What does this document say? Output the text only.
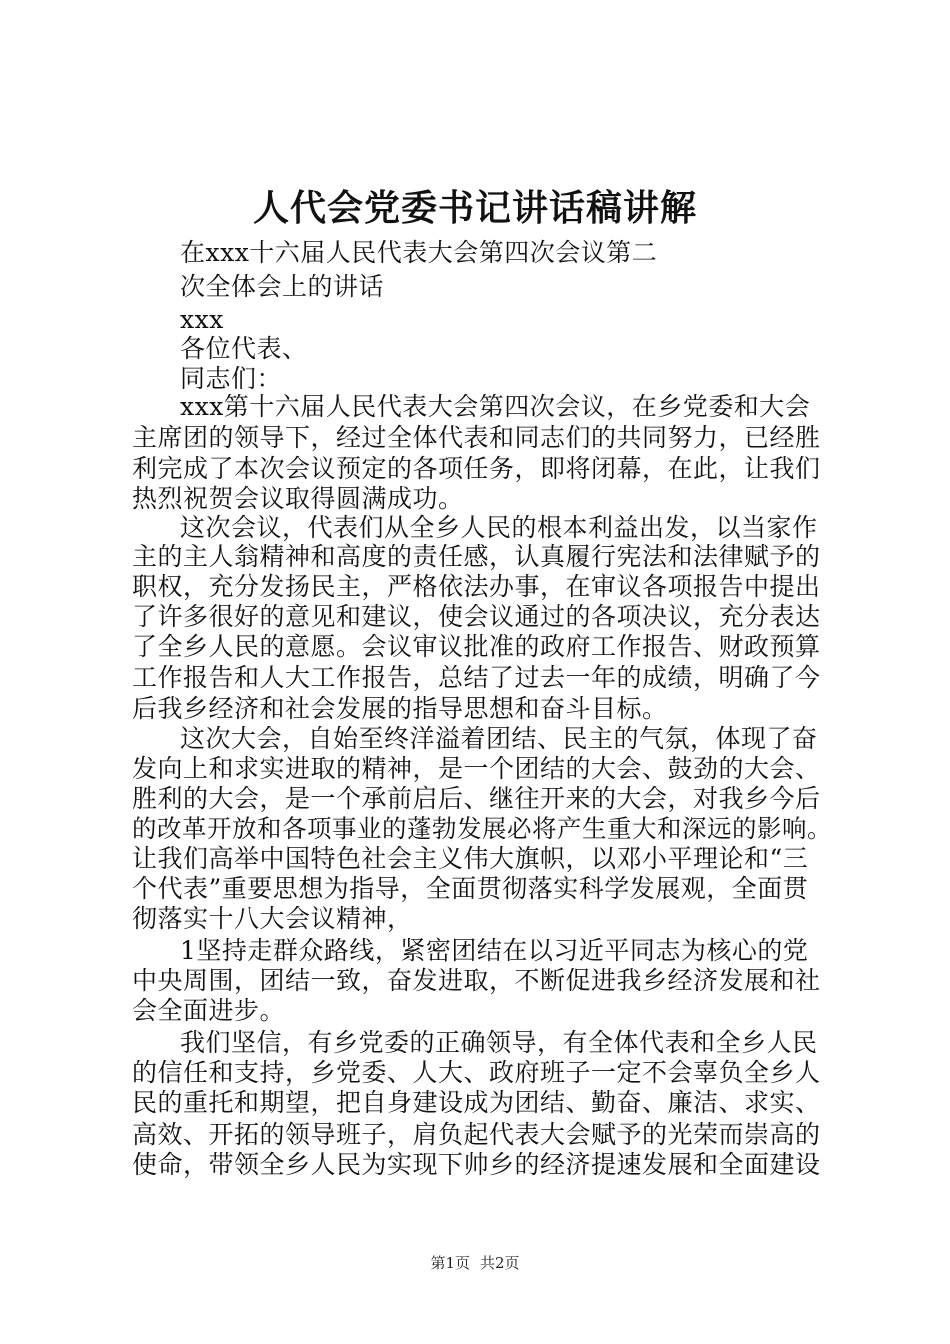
人代会党委书记讲话稿讲解
在xxx十六届人民代表大会第四次会议第二
次全体会上的讲话
xxx
各位代表、
同志们：
xxx第十六届人民代表大会第四次会议，在乡党委和大会
主席团的领导下，经过全体代表和同志们的共同努力，已经胜
利完成了本次会议预定的各项任务，即将闭幕，在此，让我们
热烈祝贺会议取得圆满成功。
这次会议，代表们从全乡人民的根本利益出发，以当家作
主的主人翁精神和高度的责任感，认真履行宪法和法律赋予的
职权，充分发扬民主，严格依法办事，在审议各项报告中提出
了许多很好的意见和建议，使会议通过的各项决议，充分表达
了全乡人民的意愿。会议审议批准的政府工作报告、财政预算
工作报告和人大工作报告，总结了过去一年的成绩，明确了今
后我乡经济和社会发展的指导思想和奋斗目标。
这次大会，自始至终洋溢着团结、民主的气氛，体现了奋
发向上和求实进取的精神，是一个团结的大会、鼓劲的大会、
胜利的大会，是一个承前启后、继往开来的大会，对我乡今后
的改革开放和各项事业的蓬勃发展必将产生重大和深远的影响。
让我们高举中国特色社会主义伟大旗帜，以邓小平理论和“三
个代表”重要思想为指导，全面贯彻落实科学发展观，全面贯
彻落实十八大会议精神，
1坚持走群众路线，紧密团结在以习近平同志为核心的党
中央周围，团结一致，奋发进取，不断促进我乡经济发展和社
会全面进步。
我们坚信，有乡党委的正确领导，有全体代表和全乡人民
的信任和支持，乡党委、人大、政府班子一定不会辜负全乡人
民的重托和期望，把自身建设成为团结、勤奋、廉洁、求实、
高效、开拓的领导班子，肩负起代表大会赋予的光荣而崇高的
使命，带领全乡人民为实现下帅乡的经济提速发展和全面建设
第1页 共2页
